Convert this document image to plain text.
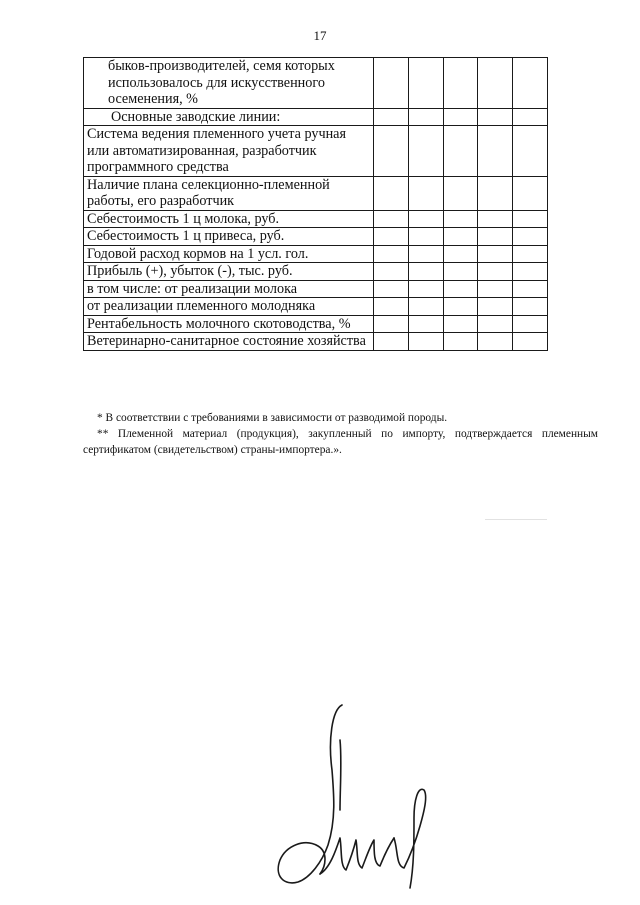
17
быков-производителей, семя которых использовалось для искусственного осеменения, %					
Основные заводские линии:					
Система ведения племенного учета ручная или автоматизированная, разработчик программного средства					
Наличие плана селекционно-племенной работы, его разработчик					
Себестоимость 1 ц молока, руб.					
Себестоимость 1 ц привеса, руб.					
Годовой расход кормов на 1 усл. гол.					
Прибыль (+), убыток (-), тыс. руб.					
в том числе: от реализации молока					
от реализации племенного молодняка					
Рентабельность молочного скотоводства, %					
Ветеринарно-санитарное состояние хозяйства					

* В соответствии с требованиями в зависимости от разводимой породы.

** Племенной материал (продукция), закупленный по импорту, подтверждается племенным сертификатом (свидетельством) страны-импортера.».
